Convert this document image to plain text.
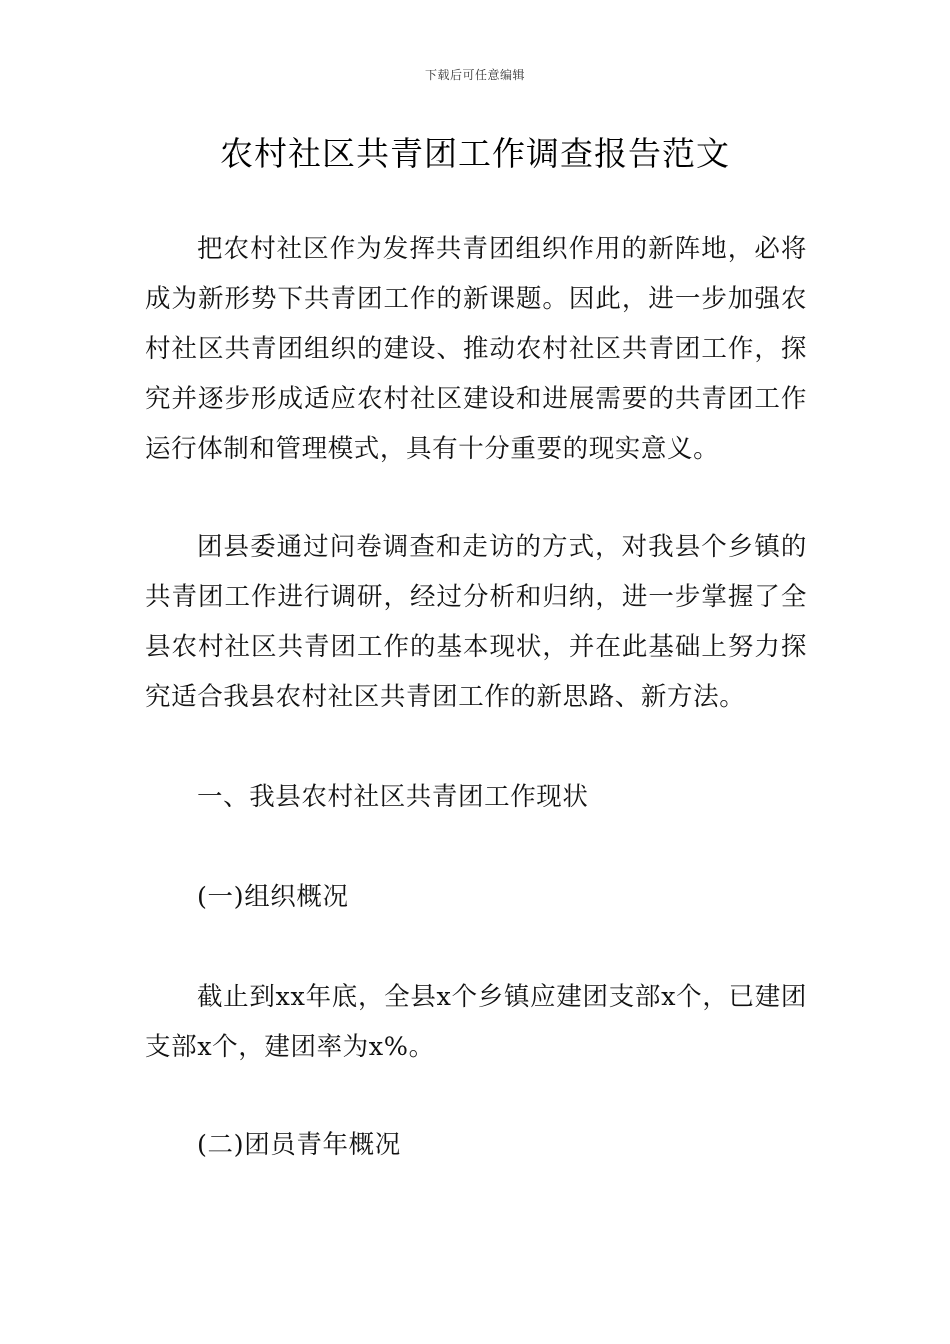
下载后可任意编辑
农村社区共青团工作调查报告范文

把农村社区作为发挥共青团组织作用的新阵地，必将成为新形势下共青团工作的新课题。因此，进一步加强农村社区共青团组织的建设、推动农村社区共青团工作，探究并逐步形成适应农村社区建设和进展需要的共青团工作运行体制和管理模式，具有十分重要的现实意义。

团县委通过问卷调查和走访的方式，对我县个乡镇的共青团工作进行调研，经过分析和归纳，进一步掌握了全县农村社区共青团工作的基本现状，并在此基础上努力探究适合我县农村社区共青团工作的新思路、新方法。

一、我县农村社区共青团工作现状

(一)组织概况

截止到xx年底，全县x个乡镇应建团支部x个，已建团支部x个，建团率为x%。

(二)团员青年概况
